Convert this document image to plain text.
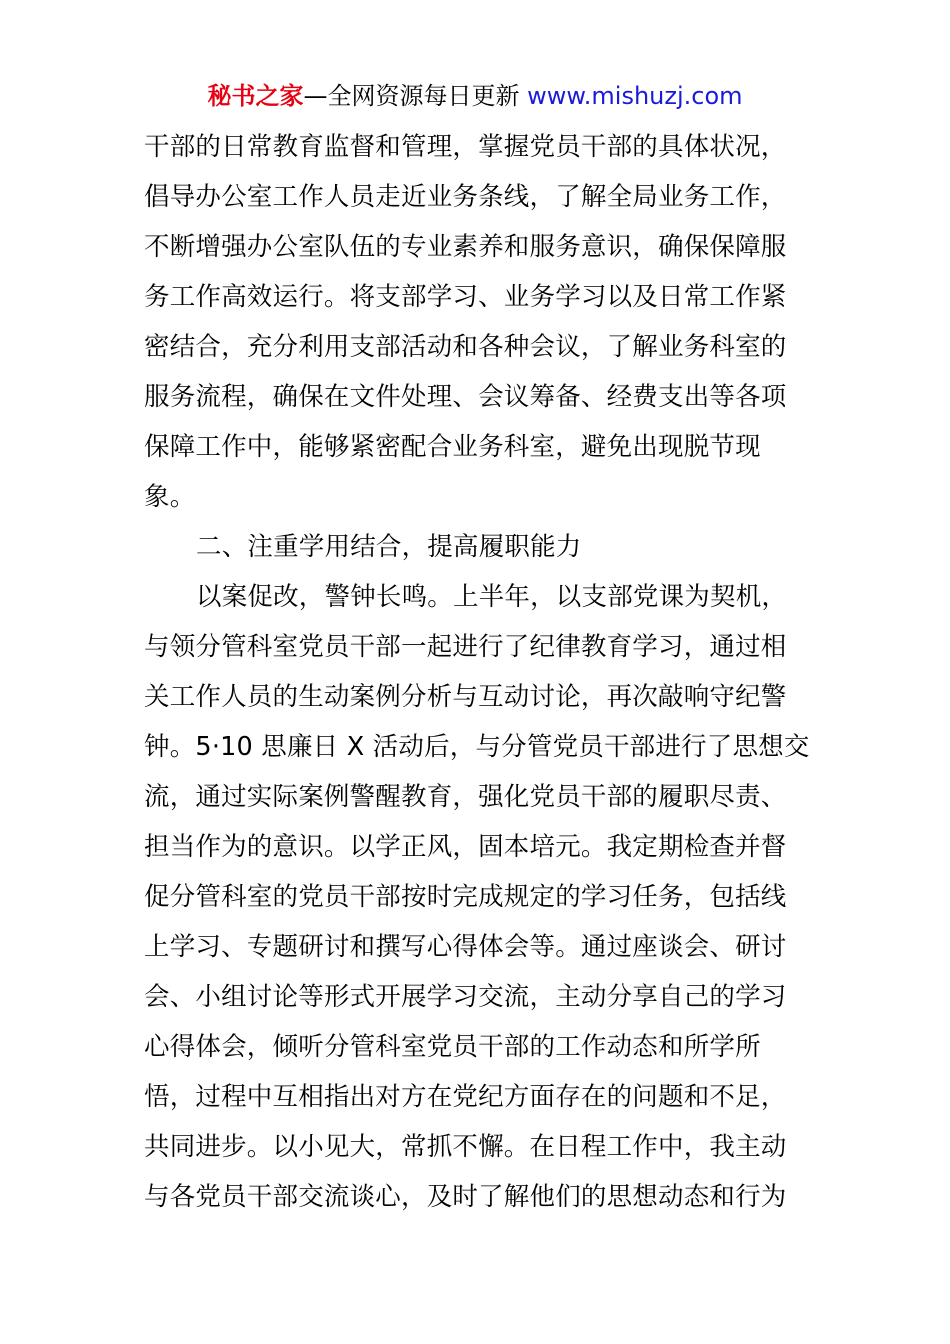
秘书之家—全网资源每日更新 www.mishuzj.com
干部的日常教育监督和管理，掌握党员干部的具体状况，
倡导办公室工作人员走近业务条线，了解全局业务工作，
不断增强办公室队伍的专业素养和服务意识，确保保障服
务工作高效运行。将支部学习、业务学习以及日常工作紧
密结合，充分利用支部活动和各种会议，了解业务科室的
服务流程，确保在文件处理、会议筹备、经费支出等各项
保障工作中，能够紧密配合业务科室，避免出现脱节现
象。
二、注重学用结合，提高履职能力
以案促改，警钟长鸣。上半年，以支部党课为契机，
与领分管科室党员干部一起进行了纪律教育学习，通过相
关工作人员的生动案例分析与互动讨论，再次敲响守纪警
钟。5·10 思廉日 X 活动后，与分管党员干部进行了思想交
流，通过实际案例警醒教育，强化党员干部的履职尽责、
担当作为的意识。以学正风，固本培元。我定期检查并督
促分管科室的党员干部按时完成规定的学习任务，包括线
上学习、专题研讨和撰写心得体会等。通过座谈会、研讨
会、小组讨论等形式开展学习交流，主动分享自己的学习
心得体会，倾听分管科室党员干部的工作动态和所学所
悟，过程中互相指出对方在党纪方面存在的问题和不足，
共同进步。以小见大，常抓不懈。在日程工作中，我主动
与各党员干部交流谈心，及时了解他们的思想动态和行为
